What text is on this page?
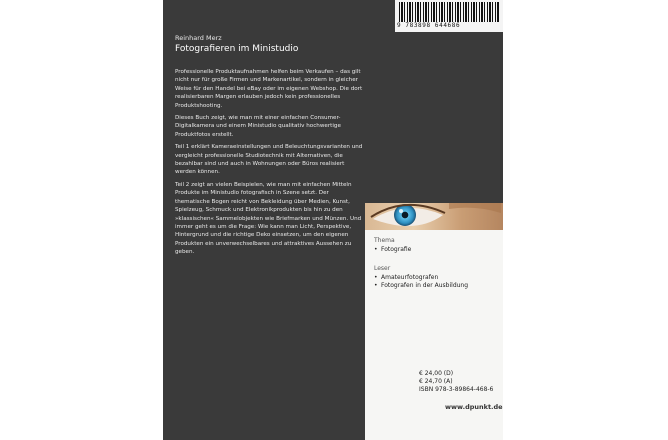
9 783898 644686
Reinhard Merz
Fotografieren im Ministudio

Professionelle Produktaufnahmen helfen beim Verkaufen – das gilt nicht nur für große Firmen und Markenartikel, sondern in gleicher Weise für den Handel bei eBay oder im eigenen Webshop. Die dort realisierbaren Margen erlauben jedoch kein professionelles Produktshooting.

Dieses Buch zeigt, wie man mit einer einfachen Consumer-Digitalkamera und einem Ministudio qualitativ hochwertige Produktfotos erstellt.

Teil 1 erklärt Kameraeinstellungen und Beleuchtungsvarianten und vergleicht professionelle Studiotechnik mit Alternativen, die bezahlbar sind und auch in Wohnungen oder Büros realisiert werden können.

Teil 2 zeigt an vielen Beispielen, wie man mit einfachen Mitteln Produkte im Ministudio fotografisch in Szene setzt. Der thematische Bogen reicht von Bekleidung über Medien, Kunst, Spielzeug, Schmuck und Elektronikprodukten bis hin zu den »klassischen« Sammelobjekten wie Briefmarken und Münzen. Und immer geht es um die Frage: Wie kann man Licht, Perspektive, Hintergrund und die richtige Deko einsetzen, um den eigenen Produkten ein unverwechselbares und attraktives Aussehen zu geben.

Thema
• Fotografie
Leser
• Amateurfotografen
• Fotografen in der Ausbildung
€ 24,00 (D)
€ 24,70 (A)
ISBN 978-3-89864-468-6
www.dpunkt.de
